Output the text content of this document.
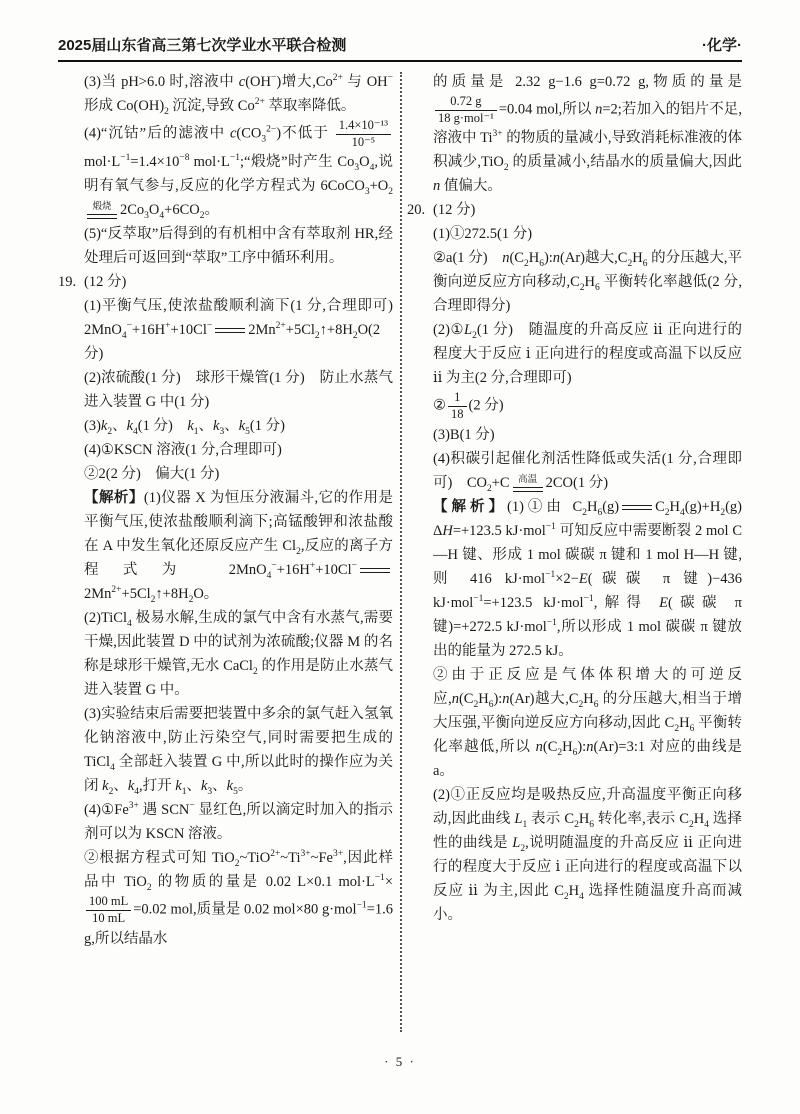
2025届山东省高三第七次学业水平联合检测	·化学·
(3)当 pH>6.0 时,溶液中 c(OH−)增大$,Co^{2+}$ 与 OH− 形成 $Co(OH)_2$ 沉淀,导致 $Co^{2+}$ 萃取率降低。
(4)“沉钴”后的滤液中 $c(CO_3^{2-})$不低于 $\frac{\text{1.4×10⁻¹³}}{\text{10⁻⁵}}$
$mol\cdot L^{-1}=1.4\times 10^{-8}$ $mol\cdot L^{-1};“$煅烧”时产生 $Co_3O_4$,说明有氧气参与,反应的化学方程式为 $6CoCO_3+O_2$
煅烧 $2Co_3O_4+6CO_2$。
(5)“反萃取”后得到的有机相中含有萃取剂 HR,经处理后可返回到“萃取”工序中循环利用。
19. (12 分)
(1)平衡气压,使浓盐酸顺利滴下(1 分,合理即可)　2MnO$_4$−+16H++10Cl− $2Mn^{2+}+5Cl_2↑+8H_2O(2$ 分)
(2)浓硫酸(1 分)　球形干燥管(1 分)　防止水蒸气进入装置 G 中(1 分)
$(3)k_2$、$k_4(1$ 分)　$k_1$、$k_3$、$k_5(1$ 分)
(4)①KSCN 溶液(1 分,合理即可)
②2(2 分)　偏大(1 分)
【解析】(1)仪器 X 为恒压分液漏斗,它的作用是平衡气压,使浓盐酸顺利滴下;高锰酸钾和浓盐酸在 A 中发生氧化还原反应产生 $Cl_2$,反应的离子方程式为 2MnO$_4$−+16H++10Cl−
$2Mn^{2+}+5Cl_2↑+8H_2O$。
(2)TiCl$_4$ 极易水解,生成的氯气中含有水蒸气,需要干燥,因此装置 D 中的试剂为浓硫酸;仪器 M 的名称是球形干燥管,无水 CaCl$_2$ 的作用是防止水蒸气进入装置 G 中。
(3)实验结束后需要把装置中多余的氯气赶入氢氧化钠溶液中,防止污染空气,同时需要把生成的 TiCl$_4$ 全部赶入装置 G 中,所以此时的操作应为关闭 $k_2$、$k_4$,打开 $k_1$、$k_3$、$k_5$。
$(4)①Fe^{3+}$ 遇 SCN− 显红色,所以滴定时加入的指示剂可以为 KSCN 溶液。
②根据方程式可知 $TiO_2\sim TiO^{2+}\sim Ti^{3+}\sim Fe^{3+}$,因此样品中 TiO$_2$ 的物质的量是 0.02 L×0.1 $mol\cdot L^{-1}\times$
$\frac{100 mL}{10 mL} =0.02$ mol,质量是 0.02 mol×80 g·mol$^{-1}$=1.6 g,所以结晶水
的质量是 2.32 g−1.6 g=0.72 g,物质的量是
$\frac{0.72 g}{\text{18 g·mol⁻¹}} =0.04$ mol,所以 n=2;若加入的铝片不足,溶液中 $Ti^{3+}$ 的物质的量减小,导致消耗标准液的体积减少,TiO$_2$ 的质量减小,结晶水的质量偏大,因此 n 值偏大。
20. (12 分)
(1)①272.5(1 分)
②a(1 分)　$n(C_2H_6):n(Ar)$越大$,C_2H_6$ 的分压越大,平衡向逆反应方向移动$,C_2H_6$ 平衡转化率越低(2 分,合理即得分)
$(2)①L_2(1$ 分)　随温度的升高反应 ⅱ 正向进行的程度大于反应 ⅰ 正向进行的程度或高温下以反应 ⅱ 为主(2 分,合理即可)
② $\frac{1}{18} (2$ 分)
(3)B(1 分)
(4)积碳引起催化剂活性降低或失活(1 分,合理即可)　$CO_2+C$ 高温 2CO(1 分)
【解析】(1)①由 $C_2H_6(g)$ $C_2H_4(g)+H_2(g)$　ΔH=+123.5 kJ·mol$^{-1}$ 可知反应中需要断裂 2 mol C—H 键、形成 1 mol 碳碳 π 键和 1 mol H—H 键,则 416 kJ·mol$^{-1}$×2−E(碳碳 π 键)−436 kJ·mol$^{-1}$=+123.5 kJ·mol$^{-1}$,解得 E(碳碳 π 键)=+272.5 kJ·mol$^{-1}$,所以形成 1 mol 碳碳 π 键放出的能量为 272.5 kJ。
②由于正反应是气体体积增大的可逆反应$,n(C_2H_6):n(Ar)$越大$,C_2H_6$ 的分压越大,相当于增大压强,平衡向逆反应方向移动,因此 $C_2H_6$ 平衡转化率越低,所以 $n(C_2H_6):n(Ar)=3:1$ 对应的曲线是 a。
(2)①正反应均是吸热反应,升高温度平衡正向移动,因此曲线 $L_1$ 表示 $C_2H_6$ 转化率,表示 $C_2H_4$ 选择性的曲线是 $L_2$,说明随温度的升高反应 ⅱ 正向进行的程度大于反应 ⅰ 正向进行的程度或高温下以反应 ⅱ 为主,因此 $C_2H_4$ 选择性随温度升高而减小。
· 5 ·
